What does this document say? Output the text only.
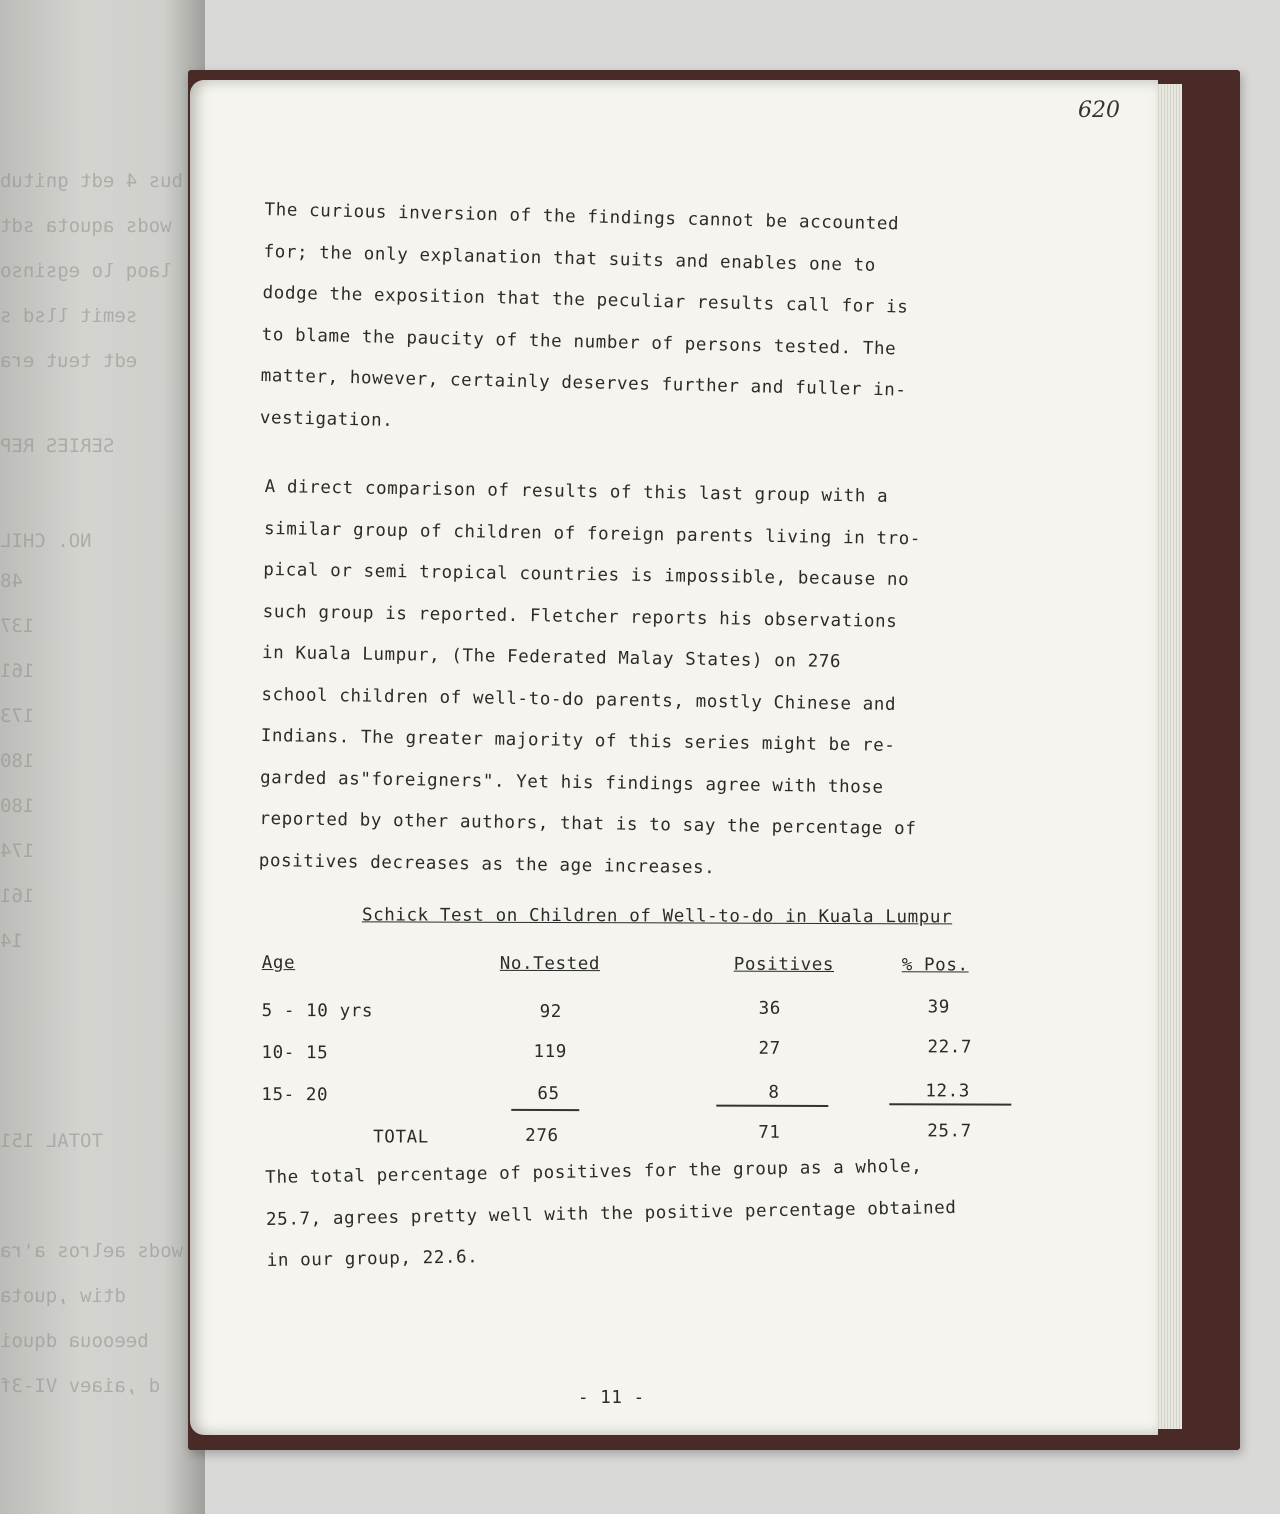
bus 4 edt gnitub
wods aquota sdt
laoq lo egsinso
semit llsd s
edt teut era
SERIES REP
NO. CHIL
48
137
161
173
180
180
174
161
14
TOTAL 151
wods aelros a'ra
dtiw ,quota
beeooua dquoi
d ,aiaev VI-3f
620
The curious inversion of the findings cannot be accounted
for; the only explanation that suits and enables one to
dodge the exposition that the peculiar results call for is
to blame the paucity of the number of persons tested. The
matter, however, certainly deserves further and fuller in-
vestigation.
A direct comparison of results of this last group with a
similar group of children of foreign parents living in tro-
pical or semi tropical countries is impossible, because no
such group is reported. Fletcher reports his observations
in Kuala Lumpur, (The Federated Malay States) on 276
school children of well-to-do parents, mostly Chinese and
Indians. The greater majority of this series might be re-
garded as"foreigners". Yet his findings agree with those
reported by other authors, that is to say the percentage of
positives decreases as the age increases.
Schick Test on Children of Well-to-do in Kuala Lumpur
Age	No.Tested	Positives	% Pos.
5 - 10 yrs	92	36	39
10- 15	119	27	22.7
15- 20	65	8	12.3
TOTAL	276	71	25.7
The total percentage of positives for the group as a whole,
25.7, agrees pretty well with the positive percentage obtained
in our group, 22.6.
- 11 -
